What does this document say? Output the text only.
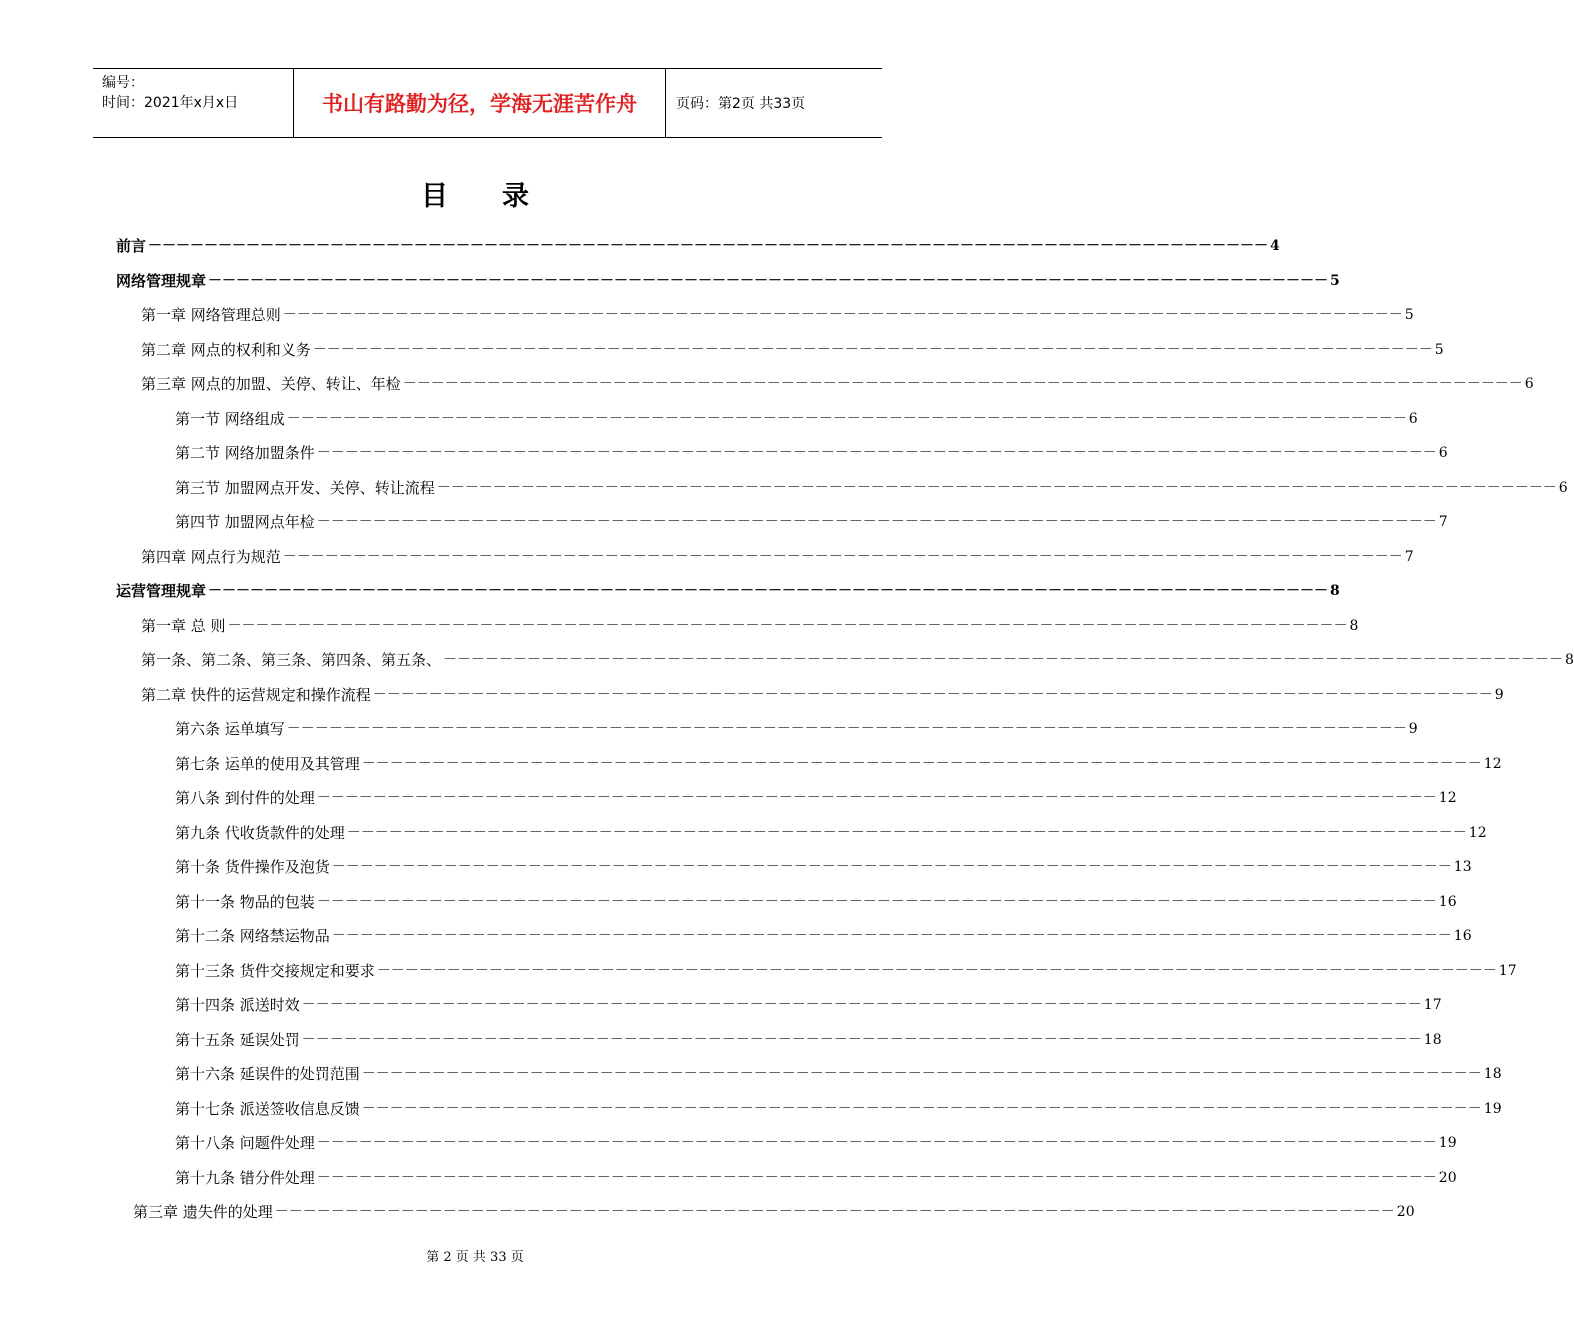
编号：
时间：2021年x月x日	书山有路勤为径，学海无涯苦作舟	页码：第2页 共33页
目录
前言 －－－－－－－－－－－－－－－－－－－－－－－－－－－－－－－－－－－－－－－－－－－－－－－－－－－－－－－－－－－－－－－－－－－－－－－－－－－－－－－－ 4
网络管理规章 －－－－－－－－－－－－－－－－－－－－－－－－－－－－－－－－－－－－－－－－－－－－－－－－－－－－－－－－－－－－－－－－－－－－－－－－－－－－－－－－ 5
第一章 网络管理总则 －－－－－－－－－－－－－－－－－－－－－－－－－－－－－－－－－－－－－－－－－－－－－－－－－－－－－－－－－－－－－－－－－－－－－－－－－－－－－－－－ 5
第二章 网点的权利和义务 －－－－－－－－－－－－－－－－－－－－－－－－－－－－－－－－－－－－－－－－－－－－－－－－－－－－－－－－－－－－－－－－－－－－－－－－－－－－－－－－ 5
第三章 网点的加盟、关停、转让、年检 －－－－－－－－－－－－－－－－－－－－－－－－－－－－－－－－－－－－－－－－－－－－－－－－－－－－－－－－－－－－－－－－－－－－－－－－－－－－－－－－ 6
第一节 网络组成 －－－－－－－－－－－－－－－－－－－－－－－－－－－－－－－－－－－－－－－－－－－－－－－－－－－－－－－－－－－－－－－－－－－－－－－－－－－－－－－－ 6
第二节 网络加盟条件 －－－－－－－－－－－－－－－－－－－－－－－－－－－－－－－－－－－－－－－－－－－－－－－－－－－－－－－－－－－－－－－－－－－－－－－－－－－－－－－－ 6
第三节 加盟网点开发、关停、转让流程 －－－－－－－－－－－－－－－－－－－－－－－－－－－－－－－－－－－－－－－－－－－－－－－－－－－－－－－－－－－－－－－－－－－－－－－－－－－－－－－－ 6
第四节 加盟网点年检 －－－－－－－－－－－－－－－－－－－－－－－－－－－－－－－－－－－－－－－－－－－－－－－－－－－－－－－－－－－－－－－－－－－－－－－－－－－－－－－－ 7
第四章 网点行为规范 －－－－－－－－－－－－－－－－－－－－－－－－－－－－－－－－－－－－－－－－－－－－－－－－－－－－－－－－－－－－－－－－－－－－－－－－－－－－－－－－ 7
运营管理规章 －－－－－－－－－－－－－－－－－－－－－－－－－－－－－－－－－－－－－－－－－－－－－－－－－－－－－－－－－－－－－－－－－－－－－－－－－－－－－－－－ 8
第一章 总 则 －－－－－－－－－－－－－－－－－－－－－－－－－－－－－－－－－－－－－－－－－－－－－－－－－－－－－－－－－－－－－－－－－－－－－－－－－－－－－－－－ 8
第一条、第二条、第三条、第四条、第五条、 －－－－－－－－－－－－－－－－－－－－－－－－－－－－－－－－－－－－－－－－－－－－－－－－－－－－－－－－－－－－－－－－－－－－－－－－－－－－－－－－ 8
第二章 快件的运营规定和操作流程 －－－－－－－－－－－－－－－－－－－－－－－－－－－－－－－－－－－－－－－－－－－－－－－－－－－－－－－－－－－－－－－－－－－－－－－－－－－－－－－－ 9
第六条 运单填写 －－－－－－－－－－－－－－－－－－－－－－－－－－－－－－－－－－－－－－－－－－－－－－－－－－－－－－－－－－－－－－－－－－－－－－－－－－－－－－－－ 9
第七条 运单的使用及其管理 －－－－－－－－－－－－－－－－－－－－－－－－－－－－－－－－－－－－－－－－－－－－－－－－－－－－－－－－－－－－－－－－－－－－－－－－－－－－－－－－ 12
第八条 到付件的处理 －－－－－－－－－－－－－－－－－－－－－－－－－－－－－－－－－－－－－－－－－－－－－－－－－－－－－－－－－－－－－－－－－－－－－－－－－－－－－－－－ 12
第九条 代收货款件的处理 －－－－－－－－－－－－－－－－－－－－－－－－－－－－－－－－－－－－－－－－－－－－－－－－－－－－－－－－－－－－－－－－－－－－－－－－－－－－－－－－ 12
第十条 货件操作及泡货 －－－－－－－－－－－－－－－－－－－－－－－－－－－－－－－－－－－－－－－－－－－－－－－－－－－－－－－－－－－－－－－－－－－－－－－－－－－－－－－－ 13
第十一条 物品的包装 －－－－－－－－－－－－－－－－－－－－－－－－－－－－－－－－－－－－－－－－－－－－－－－－－－－－－－－－－－－－－－－－－－－－－－－－－－－－－－－－ 16
第十二条 网络禁运物品 －－－－－－－－－－－－－－－－－－－－－－－－－－－－－－－－－－－－－－－－－－－－－－－－－－－－－－－－－－－－－－－－－－－－－－－－－－－－－－－－ 16
第十三条 货件交接规定和要求 －－－－－－－－－－－－－－－－－－－－－－－－－－－－－－－－－－－－－－－－－－－－－－－－－－－－－－－－－－－－－－－－－－－－－－－－－－－－－－－－ 17
第十四条 派送时效 －－－－－－－－－－－－－－－－－－－－－－－－－－－－－－－－－－－－－－－－－－－－－－－－－－－－－－－－－－－－－－－－－－－－－－－－－－－－－－－－ 17
第十五条 延误处罚 －－－－－－－－－－－－－－－－－－－－－－－－－－－－－－－－－－－－－－－－－－－－－－－－－－－－－－－－－－－－－－－－－－－－－－－－－－－－－－－－ 18
第十六条 延误件的处罚范围 －－－－－－－－－－－－－－－－－－－－－－－－－－－－－－－－－－－－－－－－－－－－－－－－－－－－－－－－－－－－－－－－－－－－－－－－－－－－－－－－ 18
第十七条 派送签收信息反馈 －－－－－－－－－－－－－－－－－－－－－－－－－－－－－－－－－－－－－－－－－－－－－－－－－－－－－－－－－－－－－－－－－－－－－－－－－－－－－－－－ 19
第十八条 问题件处理 －－－－－－－－－－－－－－－－－－－－－－－－－－－－－－－－－－－－－－－－－－－－－－－－－－－－－－－－－－－－－－－－－－－－－－－－－－－－－－－－ 19
第十九条 错分件处理 －－－－－－－－－－－－－－－－－－－－－－－－－－－－－－－－－－－－－－－－－－－－－－－－－－－－－－－－－－－－－－－－－－－－－－－－－－－－－－－－ 20
第三章 遗失件的处理 －－－－－－－－－－－－－－－－－－－－－－－－－－－－－－－－－－－－－－－－－－－－－－－－－－－－－－－－－－－－－－－－－－－－－－－－－－－－－－－－ 20
第 2 页 共 33 页
